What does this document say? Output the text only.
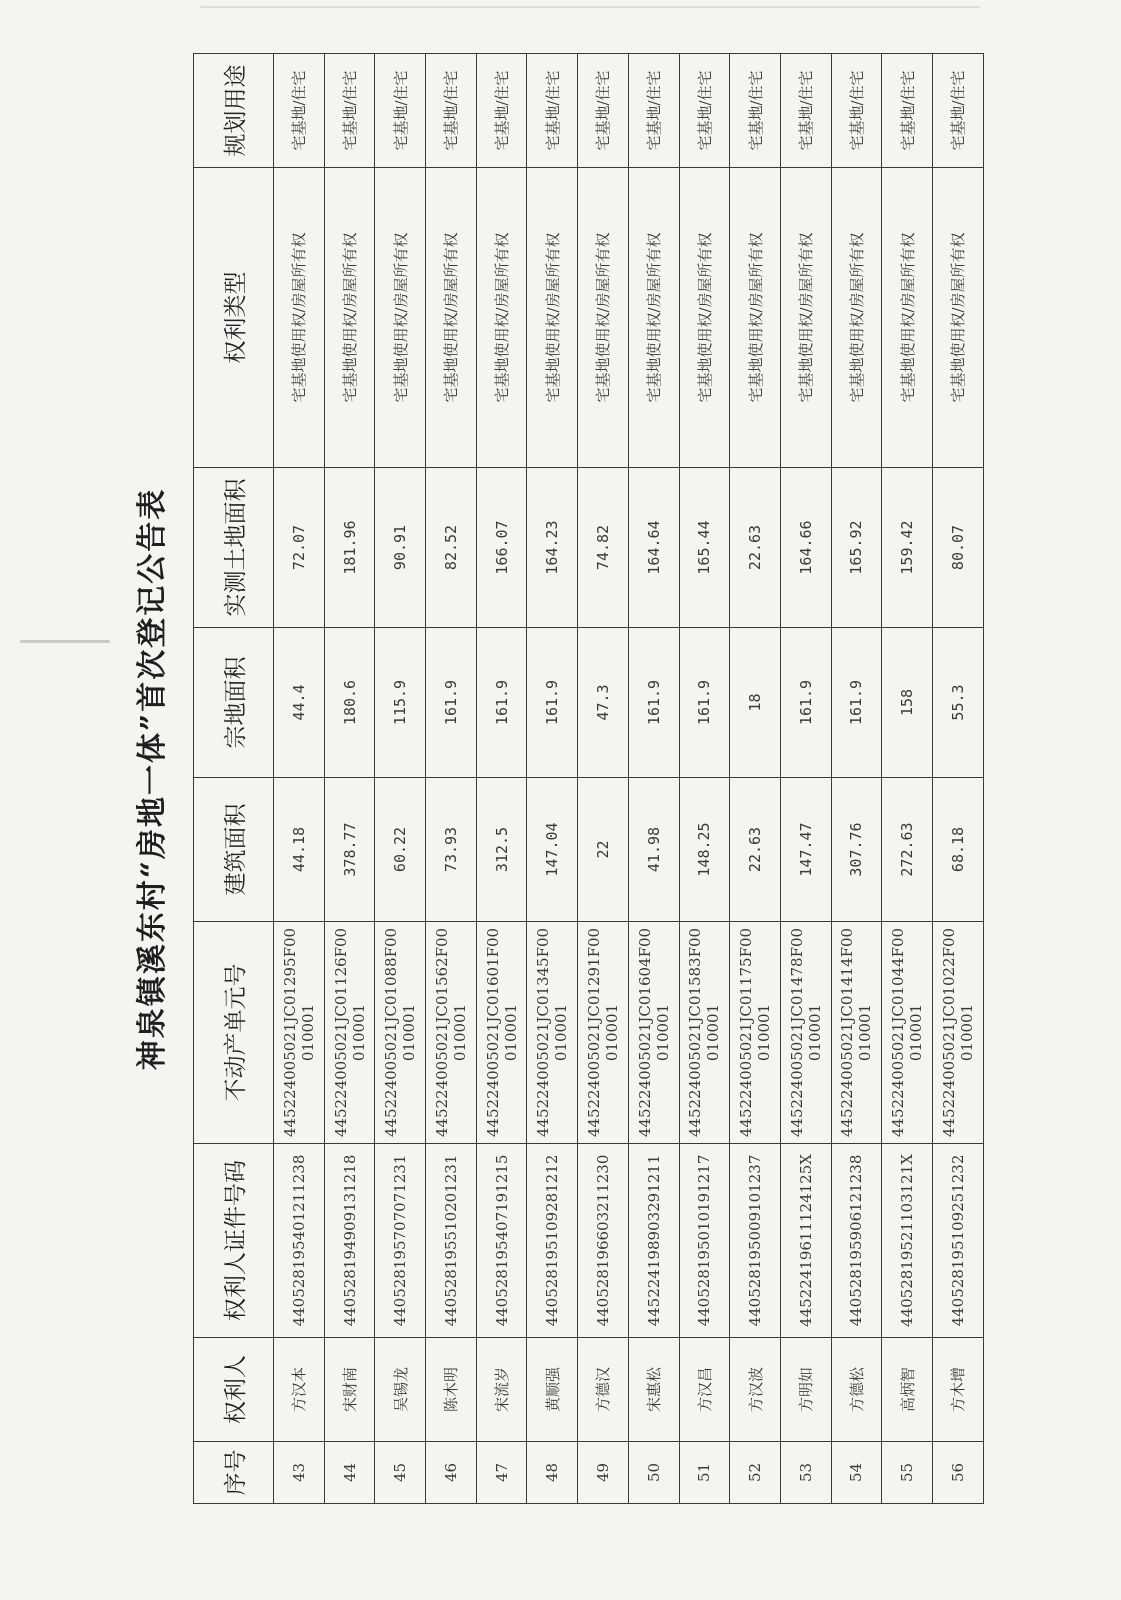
神泉镇溪东村“房地一体”首次登记公告表
序号	权利人	权利人证件号码	不动产单元号	建筑面积	宗地面积	实测土地面积	权利类型	规划用途
43	方汉本	440528195401211238	445224005021JC01295F00010001	44.18	44.4	72.07	宅基地使用权/房屋所有权	宅基地/住宅
44	宋财南	440528194909131218	445224005021JC01126F00010001	378.77	180.6	181.96	宅基地使用权/房屋所有权	宅基地/住宅
45	吴锡龙	440528195707071231	445224005021JC01088F00010001	60.22	115.9	90.91	宅基地使用权/房屋所有权	宅基地/住宅
46	陈木明	440528195510201231	445224005021JC01562F00010001	73.93	161.9	82.52	宅基地使用权/房屋所有权	宅基地/住宅
47	宋流岁	440528195407191215	445224005021JC01601F00010001	312.5	161.9	166.07	宅基地使用权/房屋所有权	宅基地/住宅
48	黄顺强	440528195109281212	445224005021JC01345F00010001	147.04	161.9	164.23	宅基地使用权/房屋所有权	宅基地/住宅
49	方德汉	440528196603211230	445224005021JC01291F00010001	22	47.3	74.82	宅基地使用权/房屋所有权	宅基地/住宅
50	宋惠松	445224198903291211	445224005021JC01604F00010001	41.98	161.9	164.64	宅基地使用权/房屋所有权	宅基地/住宅
51	方汉昌	440528195010191217	445224005021JC01583F00010001	148.25	161.9	165.44	宅基地使用权/房屋所有权	宅基地/住宅
52	方汉波	440528195009101237	445224005021JC01175F00010001	22.63	18	22.63	宅基地使用权/房屋所有权	宅基地/住宅
53	方明如	44522419611124125X	445224005021JC01478F00010001	147.47	161.9	164.66	宅基地使用权/房屋所有权	宅基地/住宅
54	方德松	440528195906121238	445224005021JC01414F00010001	307.76	161.9	165.92	宅基地使用权/房屋所有权	宅基地/住宅
55	高炳智	44052819521103121X	445224005021JC01044F00010001	272.63	158	159.42	宅基地使用权/房屋所有权	宅基地/住宅
56	方木增	440528195109251232	445224005021JC01022F00010001	68.18	55.3	80.07	宅基地使用权/房屋所有权	宅基地/住宅
